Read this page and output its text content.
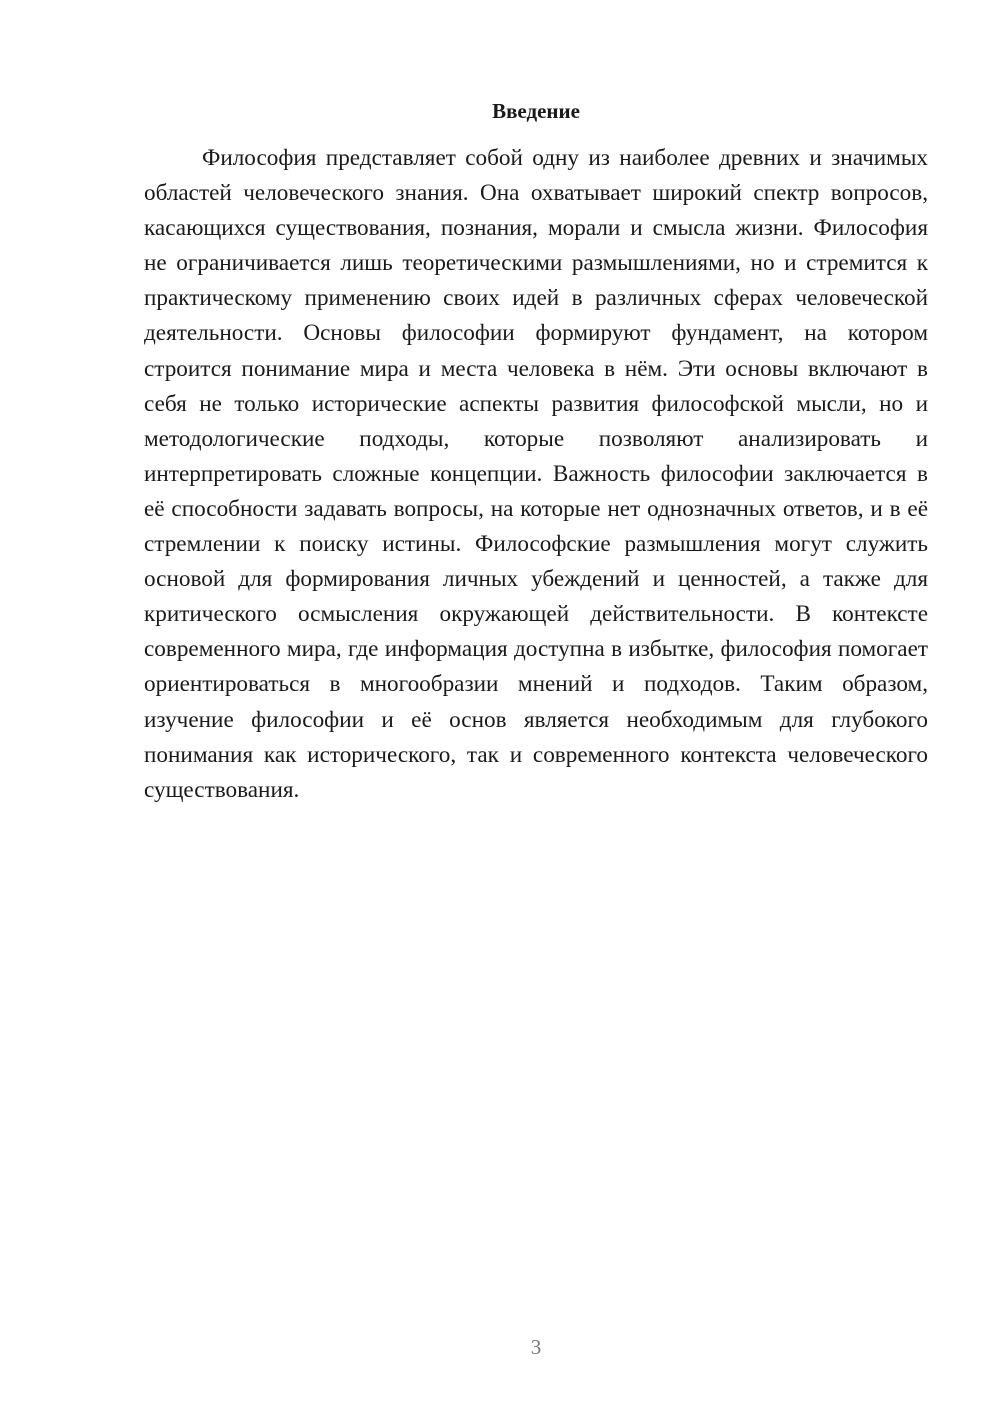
Введение

Философия представляет собой одну из наиболее древних и значимых областей человеческого знания. Она охватывает широкий спектр вопросов, касающихся существования, познания, морали и смысла жизни. Философия не ограничивается лишь теоретическими размышлениями, но и стремится к практическому применению своих идей в различных сферах человеческой деятельности. Основы философии формируют фундамент, на котором строится понимание мира и места человека в нём. Эти основы включают в себя не только исторические аспекты развития философской мысли, но и методологические подходы, которые позволяют анализировать и интерпретировать сложные концепции. Важность философии заключается в её способности задавать вопросы, на которые нет однозначных ответов, и в её стремлении к поиску истины. Философские размышления могут служить основой для формирования личных убеждений и ценностей, а также для критического осмысления окружающей действительности. В контексте современного мира, где информация доступна в избытке, философия помогает ориентироваться в многообразии мнений и подходов. Таким образом, изучение философии и её основ является необходимым для глубокого понимания как исторического, так и современного контекста человеческого существования.

3
